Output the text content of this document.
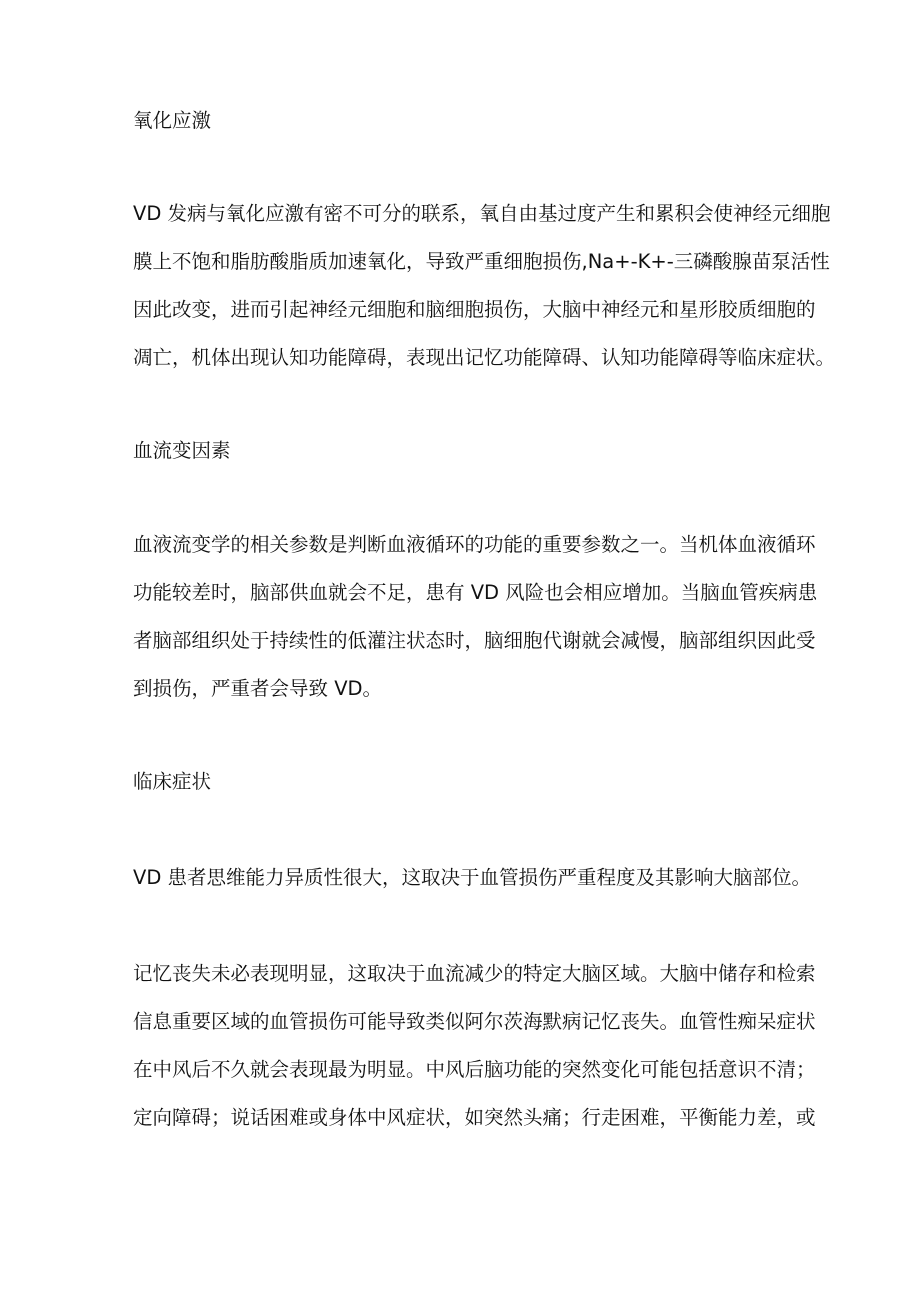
氧化应激
VD 发病与氧化应激有密不可分的联系，氧自由基过度产生和累积会使神经元细胞
膜上不饱和脂肪酸脂质加速氧化，导致严重细胞损伤,Na+-K+-三磷酸腺苗泵活性
因此改变，进而引起神经元细胞和脑细胞损伤，大脑中神经元和星形胶质细胞的
凋亡，机体出现认知功能障碍，表现出记忆功能障碍、认知功能障碍等临床症状。
血流变因素
血液流变学的相关参数是判断血液循环的功能的重要参数之一。当机体血液循环
功能较差时，脑部供血就会不足，患有 VD 风险也会相应增加。当脑血管疾病患
者脑部组织处于持续性的低灌注状态时，脑细胞代谢就会减慢，脑部组织因此受
到损伤，严重者会导致 VD。
临床症状
VD 患者思维能力异质性很大，这取决于血管损伤严重程度及其影响大脑部位。
记忆丧失未必表现明显，这取决于血流减少的特定大脑区域。大脑中储存和检索
信息重要区域的血管损伤可能导致类似阿尔茨海默病记忆丧失。血管性痴呆症状
在中风后不久就会表现最为明显。中风后脑功能的突然变化可能包括意识不清；
定向障碍；说话困难或身体中风症状，如突然头痛；行走困难，平衡能力差，或
